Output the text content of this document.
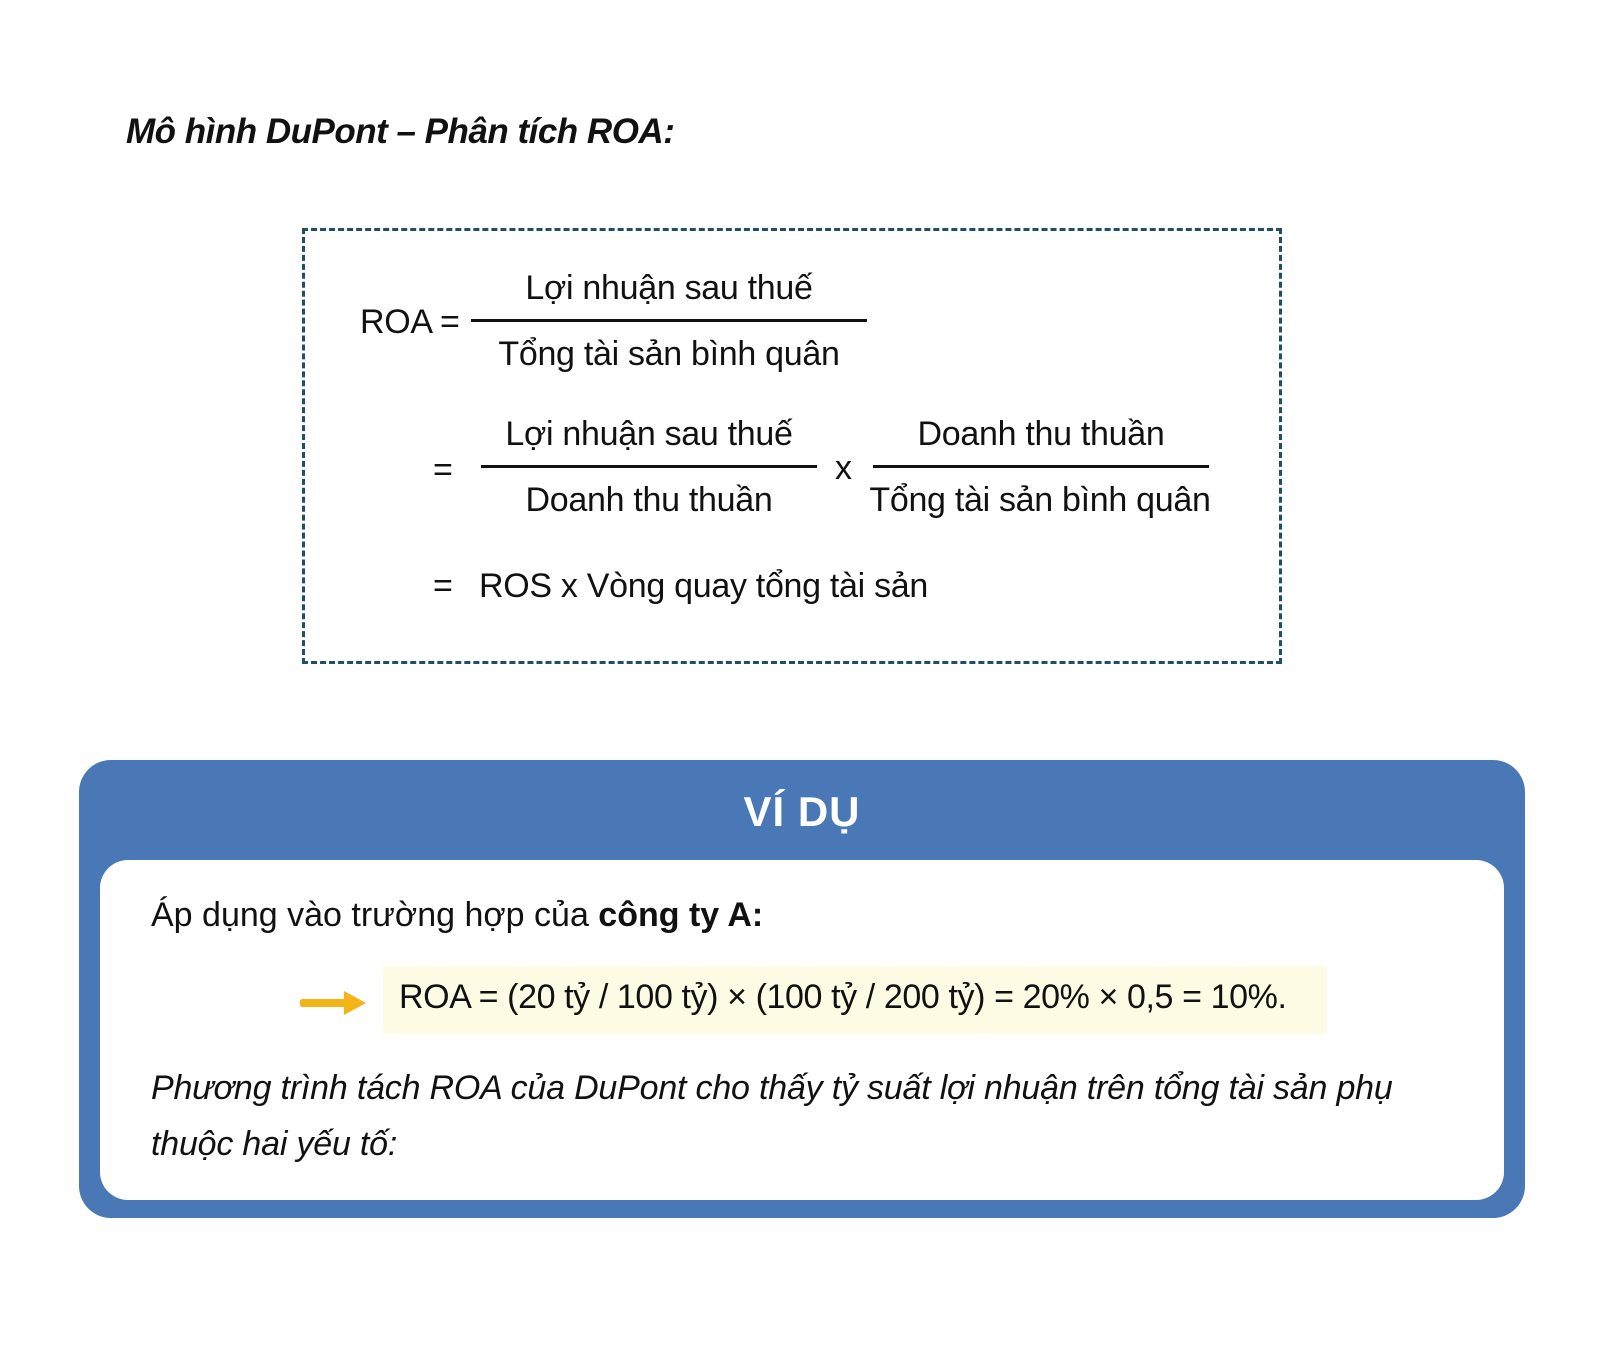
Mô hình DuPont – Phân tích ROA:
ROA =
Lợi nhuận sau thuế
Tổng tài sản bình quân
=
Lợi nhuận sau thuế
Doanh thu thuần
x
Doanh thu thuần
Tổng tài sản bình quân
= ROS x Vòng quay tổng tài sản
VÍ DỤ
Áp dụng vào trường hợp của công ty A:
ROA = (20 tỷ / 100 tỷ) × (100 tỷ / 200 tỷ) = 20% × 0,5 = 10%.

Phương trình tách ROA của DuPont cho thấy tỷ suất lợi nhuận trên tổng tài sản phụ thuộc hai yếu tố:
